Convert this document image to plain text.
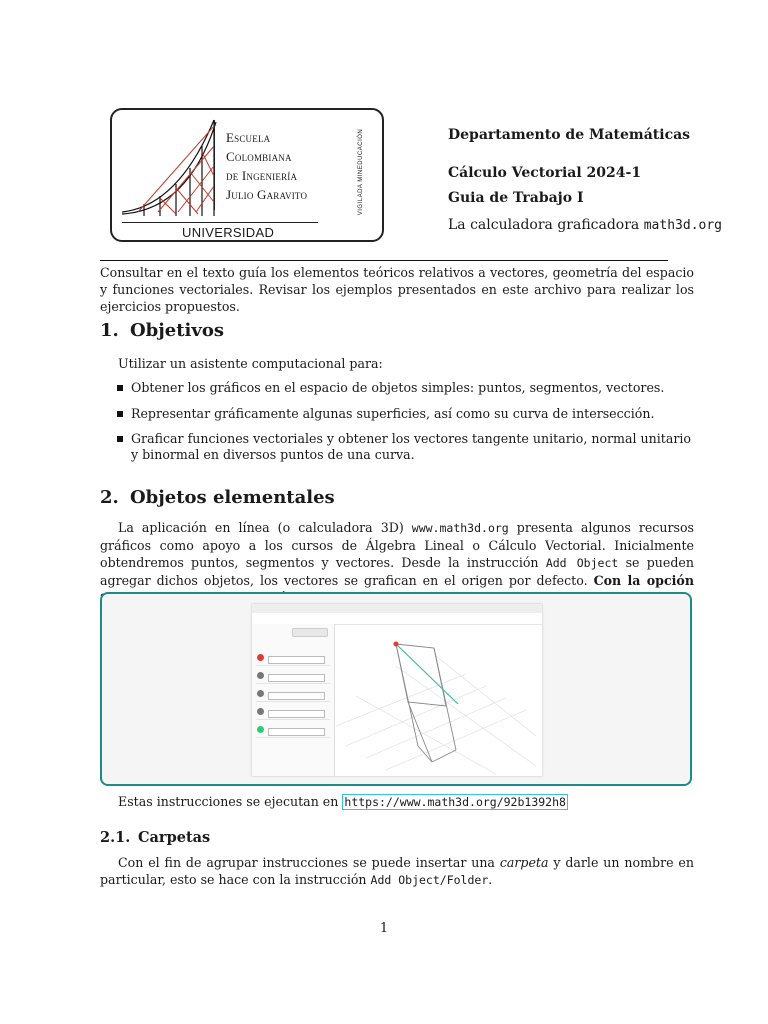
Escuela
Colombiana
de Ingeniería
Julio Garavito
UNIVERSIDAD
VIGILADA MINEDUCACIÓN	Departamento de Matemáticas
Cálculo Vectorial 2024-1
Guia de Trabajo I
La calculadora graficadora math3d.org
Consultar en el texto guía los elementos teóricos relativos a vectores, geometría del espacio y funciones vectoriales. Revisar los ejemplos presentados en este archivo para realizar los ejercicios propuestos.
1. Objetivos
Utilizar un asistente computacional para:
Obtener los gráficos en el espacio de objetos simples: puntos, segmentos, vectores.
Representar gráficamente algunas superficies, así como su curva de intersección.
Graficar funciones vectoriales y obtener los vectores tangente unitario, normal unitario y binormal en diversos puntos de una curva.
2. Objetos elementales
La aplicación en línea (o calculadora 3D) www.math3d.org presenta algunos recursos gráficos como apoyo a los cursos de Álgebra Lineal o Cálculo Vectorial. Inicialmente obtendremos puntos, segmentos y vectores. Desde la instrucción Add Object se pueden agregar dichos objetos, los vectores se grafican en el origen por defecto. Con la opción
Estas instrucciones se ejecutan en https://www.math3d.org/92b1392h8
2.1. Carpetas
Con el fin de agrupar instrucciones se puede insertar una carpeta y darle un nombre en particular, esto se hace con la instrucción Add Object/Folder.
1
